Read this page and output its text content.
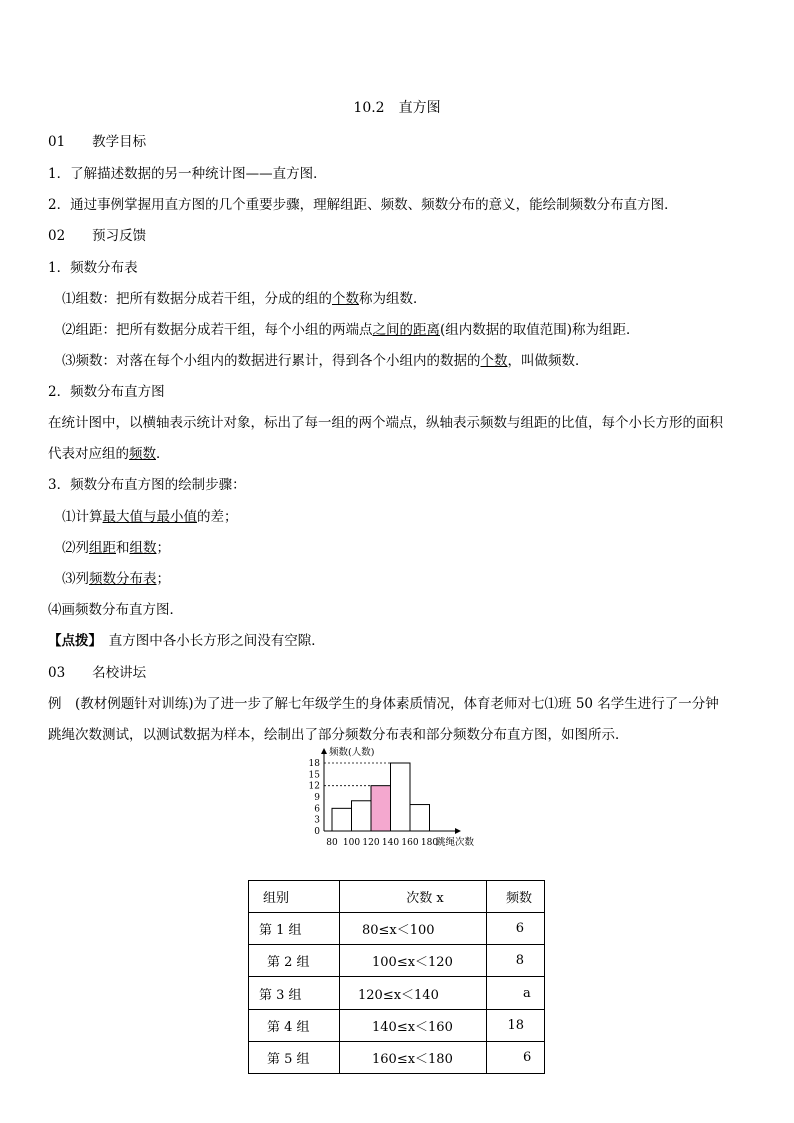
10.2　直方图
01　　教学目标
1．了解描述数据的另一种统计图——直方图．
2．通过事例掌握用直方图的几个重要步骤，理解组距、频数、频数分布的意义，能绘制频数分布直方图．
02　　预习反馈
1．频数分布表
⑴组数：把所有数据分成若干组，分成的组的个数称为组数．
⑵组距：把所有数据分成若干组，每个小组的两端点之间的距离(组内数据的取值范围)称为组距．
⑶频数：对落在每个小组内的数据进行累计，得到各个小组内的数据的个数，叫做频数．
2．频数分布直方图
在统计图中，以横轴表示统计对象，标出了每一组的两个端点，纵轴表示频数与组距的比值，每个小长方形的面积
代表对应组的频数．
3．频数分布直方图的绘制步骤：
⑴计算最大值与最小值的差；
⑵列组距和组数；
⑶列频数分布表；
⑷画频数分布直方图．
【点拨】　直方图中各小长方形之间没有空隙．
03　　名校讲坛
例　(教材例题针对训练)为了进一步了解七年级学生的身体素质情况，体育老师对七⑴班 50 名学生进行了一分钟
跳绳次数测试，以测试数据为样本，绘制出了部分频数分布表和部分频数分布直方图，如图所示．
频数(人数)
跳绳次数
0
3
6
9
12
15
18
80 100 120 140 160 180
组别	次数 x	频数
第 1 组	80≤x＜100	6
第 2 组	100≤x＜120	8
第 3 组	120≤x＜140	a
第 4 组	140≤x＜160	18
第 5 组	160≤x＜180	6
